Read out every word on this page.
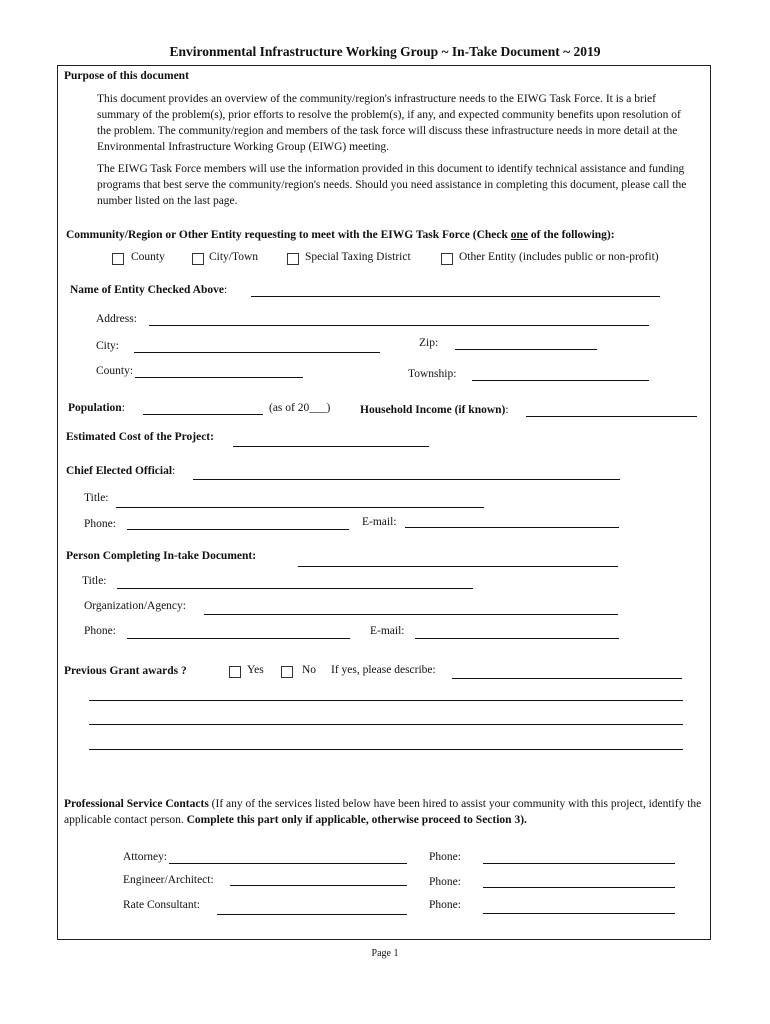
Environmental Infrastructure Working Group ~ In-Take Document ~ 2019
Purpose of this document
This document provides an overview of the community/region's infrastructure needs to the EIWG Task Force. It is a brief summary of the problem(s), prior efforts to resolve the problem(s), if any, and expected community benefits upon resolution of the problem. The community/region and members of the task force will discuss these infrastructure needs in more detail at the Environmental Infrastructure Working Group (EIWG) meeting.
The EIWG Task Force members will use the information provided in this document to identify technical assistance and funding programs that best serve the community/region's needs. Should you need assistance in completing this document, please call the number listed on the last page.
Community/Region or Other Entity requesting to meet with the EIWG Task Force (Check one of the following):
County	City/Town	Special Taxing District	Other Entity (includes public or non-profit)
Name of Entity Checked Above:
Address:
City:	Zip:
County:	Township:
Population:	(as of 20___)	Household Income (if known):
Estimated Cost of the Project:
Chief Elected Official:
Title:
Phone:	E-mail:
Person Completing In-take Document:
Title:
Organization/Agency:
Phone:	E-mail:
Previous Grant awards ?	Yes	No If yes, please describe:
Professional Service Contacts (If any of the services listed below have been hired to assist your community with this project, identify the applicable contact person. Complete this part only if applicable, otherwise proceed to Section 3).
Attorney:	Phone:
Engineer/Architect:	Phone:
Rate Consultant:	Phone:
Page 1
